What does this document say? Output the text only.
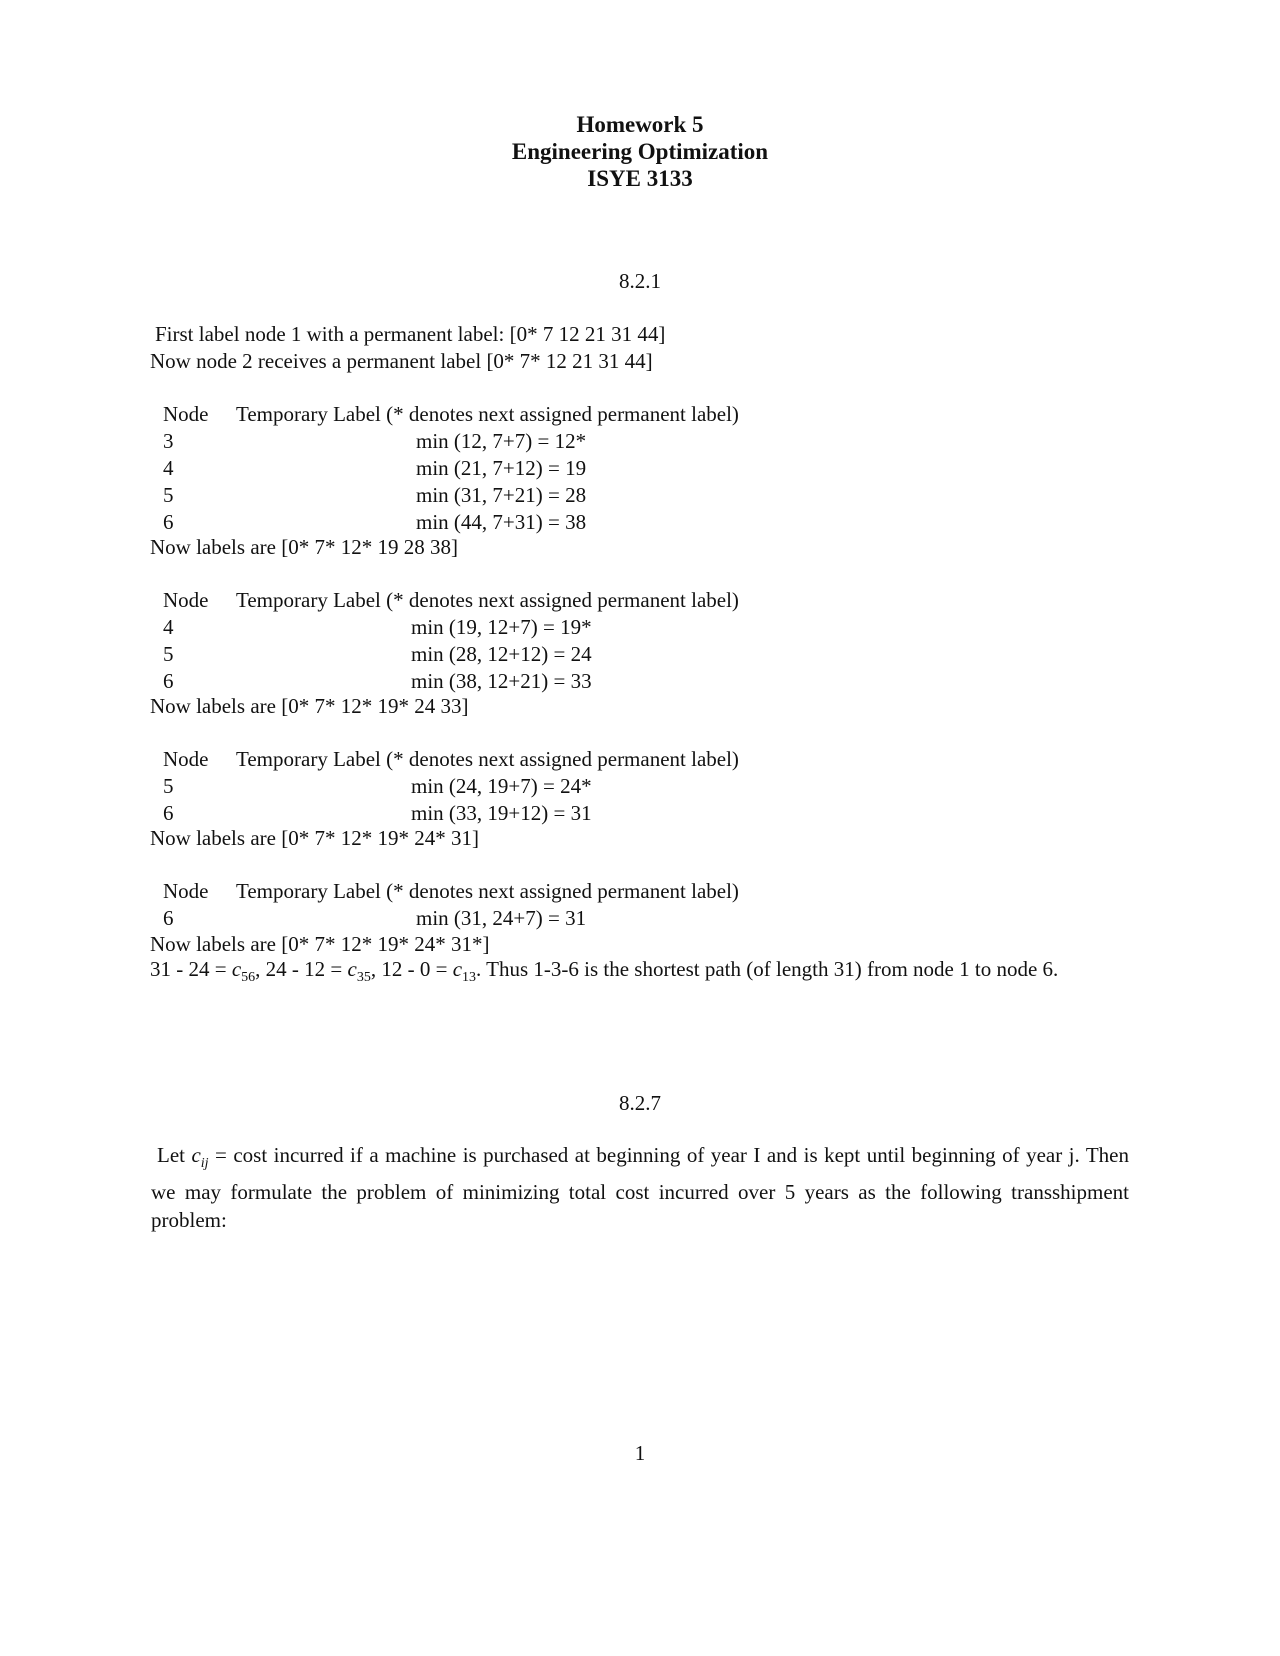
Homework 5
Engineering Optimization
ISYE 3133
8.2.1
First label node 1 with a permanent label: [0* 7 12 21 31 44]
Now node 2 receives a permanent label [0* 7* 12 21 31 44]
Node Temporary Label (* denotes next assigned permanent label)
3	min (12, 7+7) = 12*
4	min (21, 7+12) = 19
5	min (31, 7+21) = 28
6	min (44, 7+31) = 38
Now labels are [0* 7* 12* 19 28 38]
Node Temporary Label (* denotes next assigned permanent label)
4	min (19, 12+7) = 19*
5	min (28, 12+12) = 24
6	min (38, 12+21) = 33
Now labels are [0* 7* 12* 19* 24 33]
Node Temporary Label (* denotes next assigned permanent label)
5	min (24, 19+7) = 24*
6	min (33, 19+12) = 31
Now labels are [0* 7* 12* 19* 24* 31]
Node Temporary Label (* denotes next assigned permanent label)
6	min (31, 24+7) = 31
Now labels are [0* 7* 12* 19* 24* 31*]
$31 - 24 = c_{56}$, $24 - 12 = c_{35}$, $12 - 0 = c_{13}$. Thus 1-3-6 is the shortest path (of length 31) from node 1 to node 6.
8.2.7
Let $c_{ij} = \cos t$ incurred if a machine is purchased at beginning of year I and is kept until beginning of year j. Then we may formulate the problem of minimizing total cost incurred over 5 years as the following transshipment problem:
1
